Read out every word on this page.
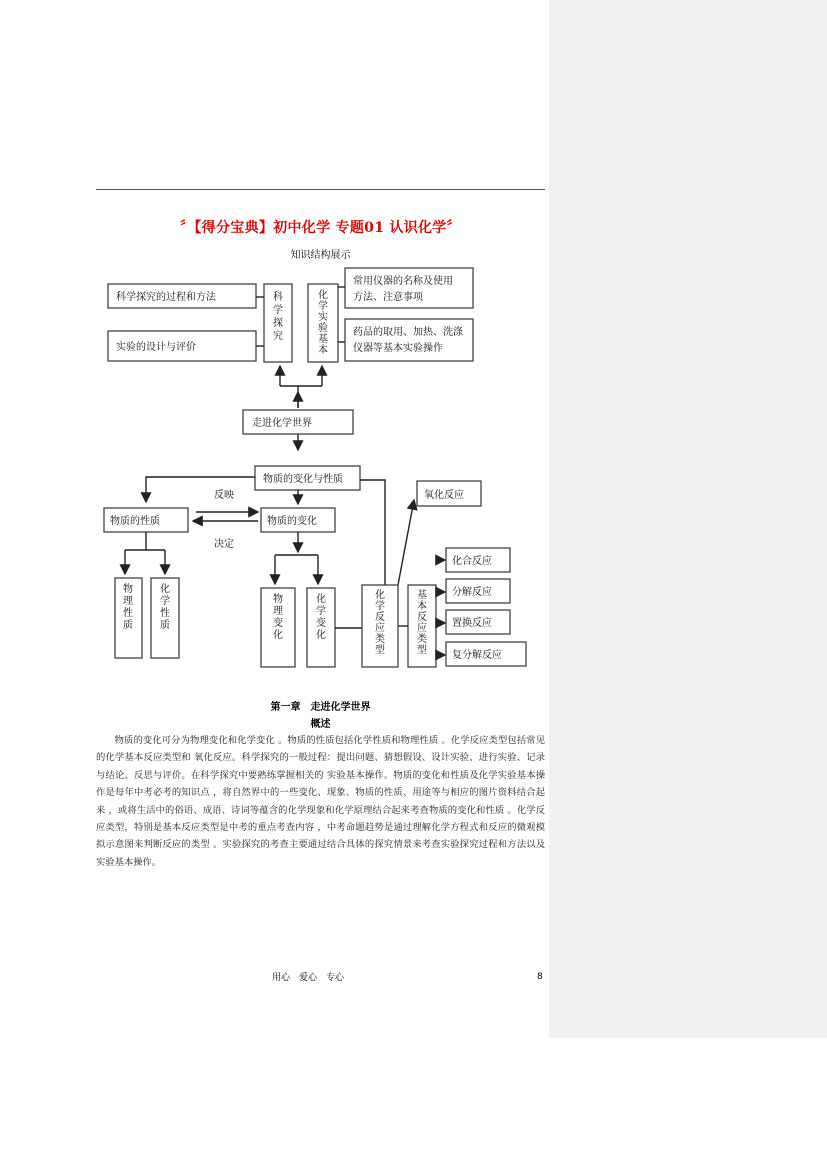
〞【得分宝典】初中化学 专题01 认识化学〞
知识结构展示
科学探究的过程和方法
实验的设计与评价
科
学
探
究
化
学
实
验
基
本
常用仪器的名称及使用
方法、注意事项
药品的取用、加热、洗涤
仪器等基本实验操作
走进化学世界
物质的变化与性质
物质的性质	物质的变化
反映
决定
物
理
性
质
化
学
性
质
物
理
变
化
化
学
变
化
化
学
反
应
类
型
氧化反应
基
本
反
应
类
型
化合反应
分解反应
置换反应
复分解反应
第一章　走进化学世界
概述
物质的变化可分为物理变化和化学变化 。物质的性质包括化学性质和物理性质 。化学反应类型包括常见的化学基本反应类型和 氧化反应。科学探究的一般过程：提出问题、猜想假设、设计实验、进行实验、记录与结论、反思与评价。在科学探究中要熟练掌握相关的 实验基本操作。物质的变化和性质及化学实验基本操作是每年中考必考的知识点 ，将自然界中的一些变化、现象、物质的性质、用途等与相应的图片资料结合起来 ，或将生活中的俗语、成语、诗词等蕴含的化学现象和化学原理结合起来考查物质的变化和性质 。化学反应类型，特别是基本反应类型是中考的重点考查内容 ，中考命题趋势是通过理解化学方程式和反应的微观模拟示意图来判断反应的类型 。实验探究的考查主要通过结合具体的探究情景来考查实验探究过程和方法以及实验基本操作。
用心　爱心　专心	8
